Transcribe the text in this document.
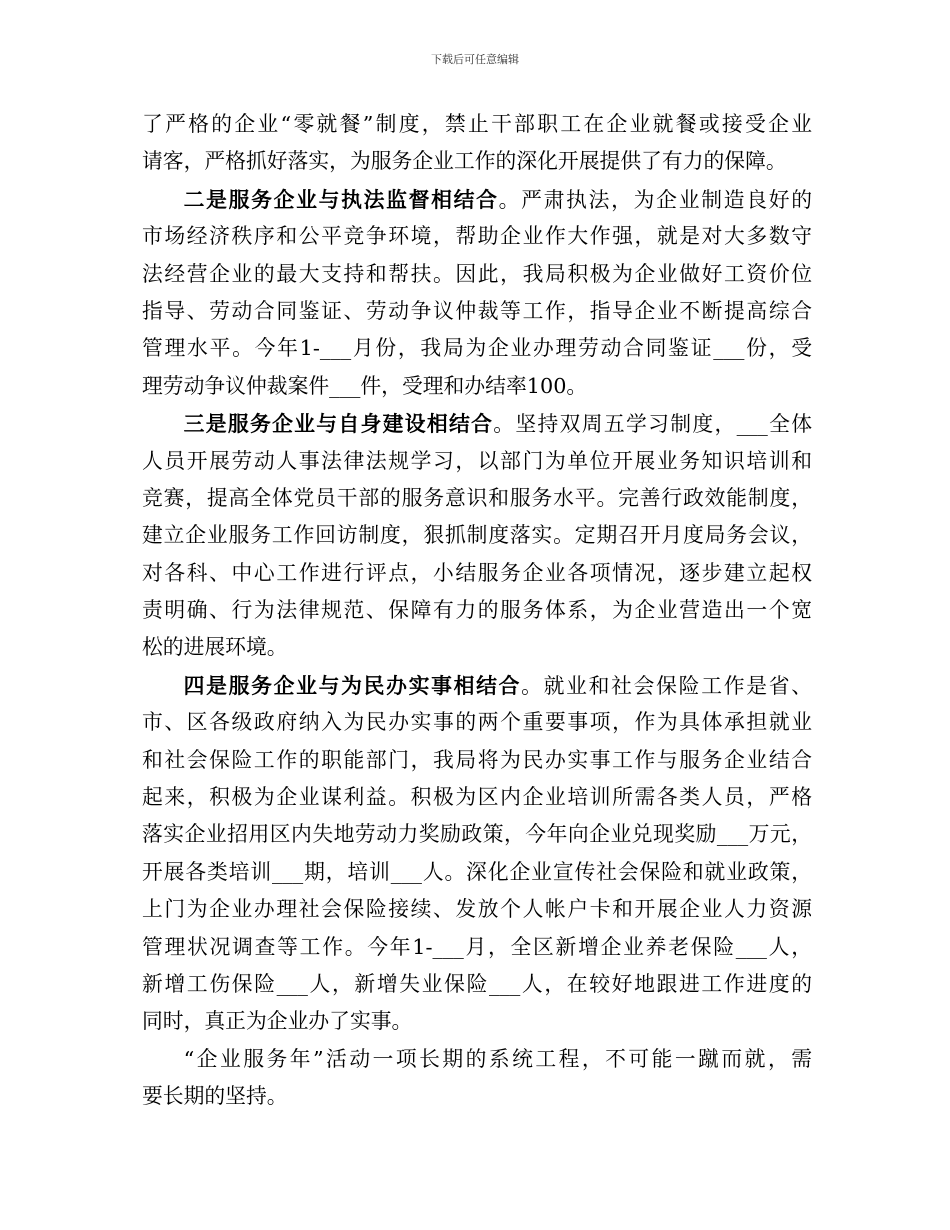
下载后可任意编辑
了严格的企业“零就餐”制度，禁止干部职工在企业就餐或接受企业
请客，严格抓好落实，为服务企业工作的深化开展提供了有力的保障。
二是服务企业与执法监督相结合。严肃执法，为企业制造良好的
市场经济秩序和公平竞争环境，帮助企业作大作强，就是对大多数守
法经营企业的最大支持和帮扶。因此，我局积极为企业做好工资价位
指导、劳动合同鉴证、劳动争议仲裁等工作，指导企业不断提高综合
管理水平。今年1-___月份，我局为企业办理劳动合同鉴证___份，受
理劳动争议仲裁案件___件，受理和办结率100。
三是服务企业与自身建设相结合。坚持双周五学习制度，___全体
人员开展劳动人事法律法规学习，以部门为单位开展业务知识培训和
竞赛，提高全体党员干部的服务意识和服务水平。完善行政效能制度，
建立企业服务工作回访制度，狠抓制度落实。定期召开月度局务会议，
对各科、中心工作进行评点，小结服务企业各项情况，逐步建立起权
责明确、行为法律规范、保障有力的服务体系，为企业营造出一个宽
松的进展环境。
四是服务企业与为民办实事相结合。就业和社会保险工作是省、
市、区各级政府纳入为民办实事的两个重要事项，作为具体承担就业
和社会保险工作的职能部门，我局将为民办实事工作与服务企业结合
起来，积极为企业谋利益。积极为区内企业培训所需各类人员，严格
落实企业招用区内失地劳动力奖励政策，今年向企业兑现奖励___万元，
开展各类培训___期，培训___人。深化企业宣传社会保险和就业政策，
上门为企业办理社会保险接续、发放个人帐户卡和开展企业人力资源
管理状况调查等工作。今年1-___月，全区新增企业养老保险___人，
新增工伤保险___人，新增失业保险___人，在较好地跟进工作进度的
同时，真正为企业办了实事。
“企业服务年”活动一项长期的系统工程，不可能一蹴而就，需
要长期的坚持。
